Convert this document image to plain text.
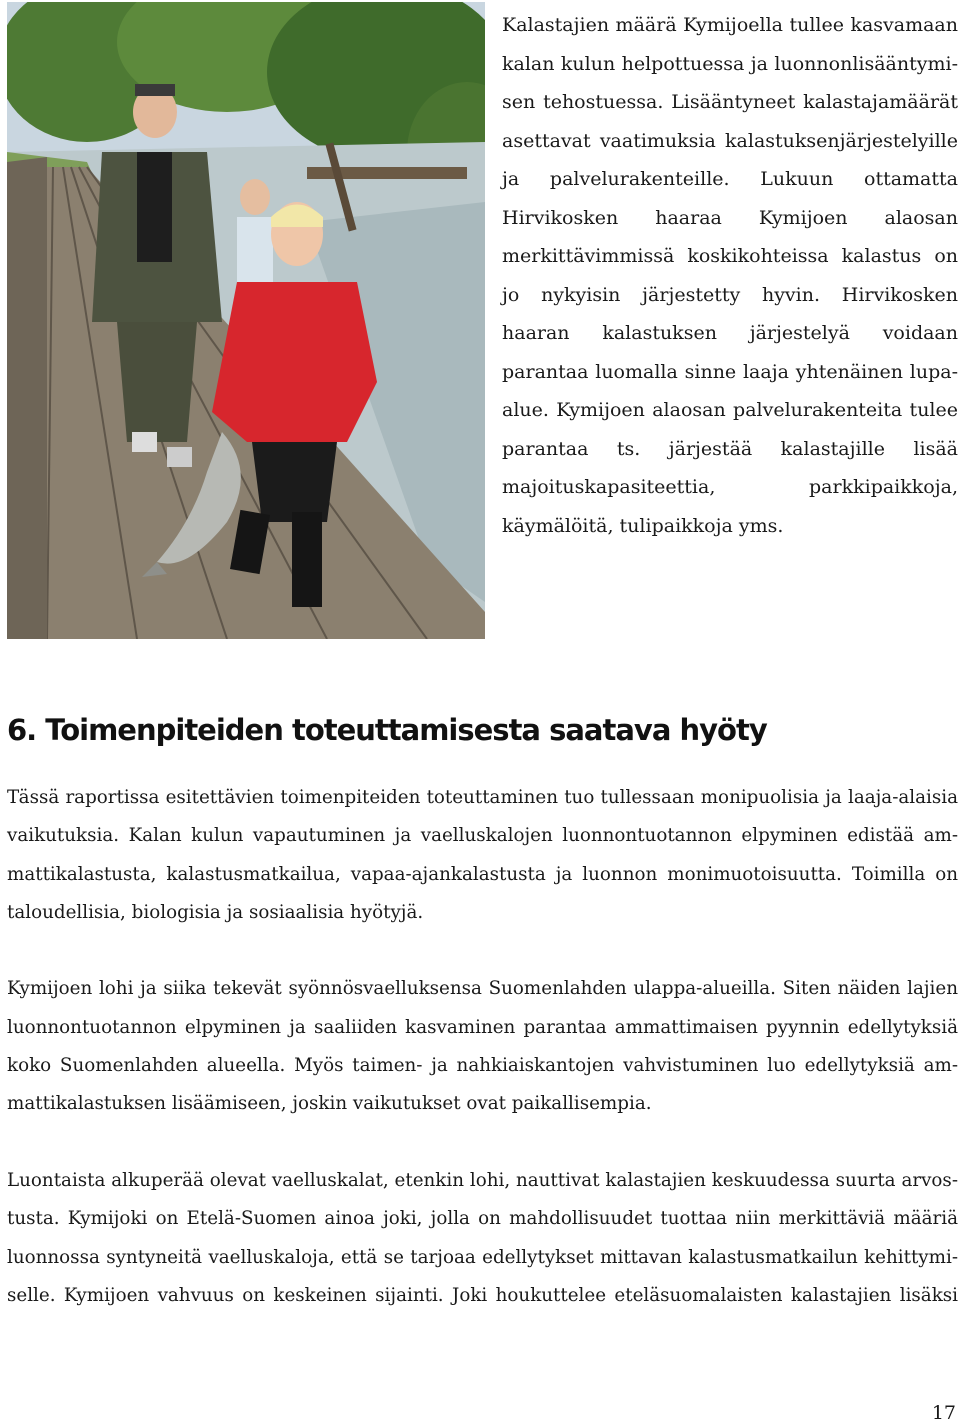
Kalastajien määrä Kymijoella tullee kasvamaan kalan kulun helpottuessa ja luonnonlisääntymisen tehostuessa. Lisääntyneet kalastajamäärät asettavat vaatimuksia kalastuksenjärjestelyille ja palvelurakenteille. Lukuun ottamatta Hirvikosken haaraa Kymijoen alaosan merkittävimmissä koskikohteissa kalastus on jo nykyisin järjestetty hyvin. Hirvikosken haaran kalastuksen järjestelyä voidaan parantaa luomalla sinne laaja yhtenäinen lupa-alue. Kymijoen alaosan palvelurakenteita tulee parantaa ts. järjestää kalastajille lisää majoituskapasiteettia, parkkipaikkoja, käymälöitä, tulipaikkoja yms.

6. Toimenpiteiden toteuttamisesta saatava hyöty

Tässä raportissa esitettävien toimenpiteiden toteuttaminen tuo tullessaan monipuolisia ja laaja-alaisia vaikutuksia. Kalan kulun vapautuminen ja vaelluskalojen luonnontuotannon elpyminen edistää ammattikalastusta, kalastusmatkailua, vapaa-ajankalastusta ja luonnon monimuotoisuutta. Toimilla on taloudellisia, biologisia ja sosiaalisia hyötyjä.

Kymijoen lohi ja siika tekevät syönnösvaelluksensa Suomenlahden ulappa-alueilla. Siten näiden lajien luonnontuotannon elpyminen ja saaliiden kasvaminen parantaa ammattimaisen pyynnin edellytyksiä koko Suomenlahden alueella. Myös taimen- ja nahkiaiskantojen vahvistuminen luo edellytyksiä ammattikalastuksen lisäämiseen, joskin vaikutukset ovat paikallisempia.

Luontaista alkuperää olevat vaelluskalat, etenkin lohi, nauttivat kalastajien keskuudessa suurta arvostusta. Kymijoki on Etelä-Suomen ainoa joki, jolla on mahdollisuudet tuottaa niin merkittäviä määriä luonnossa syntyneitä vaelluskaloja, että se tarjoaa edellytykset mittavan kalastusmatkailun kehittymiselle. Kymijoen vahvuus on keskeinen sijainti. Joki houkuttelee eteläsuomalaisten kalastajien lisäksi

17
